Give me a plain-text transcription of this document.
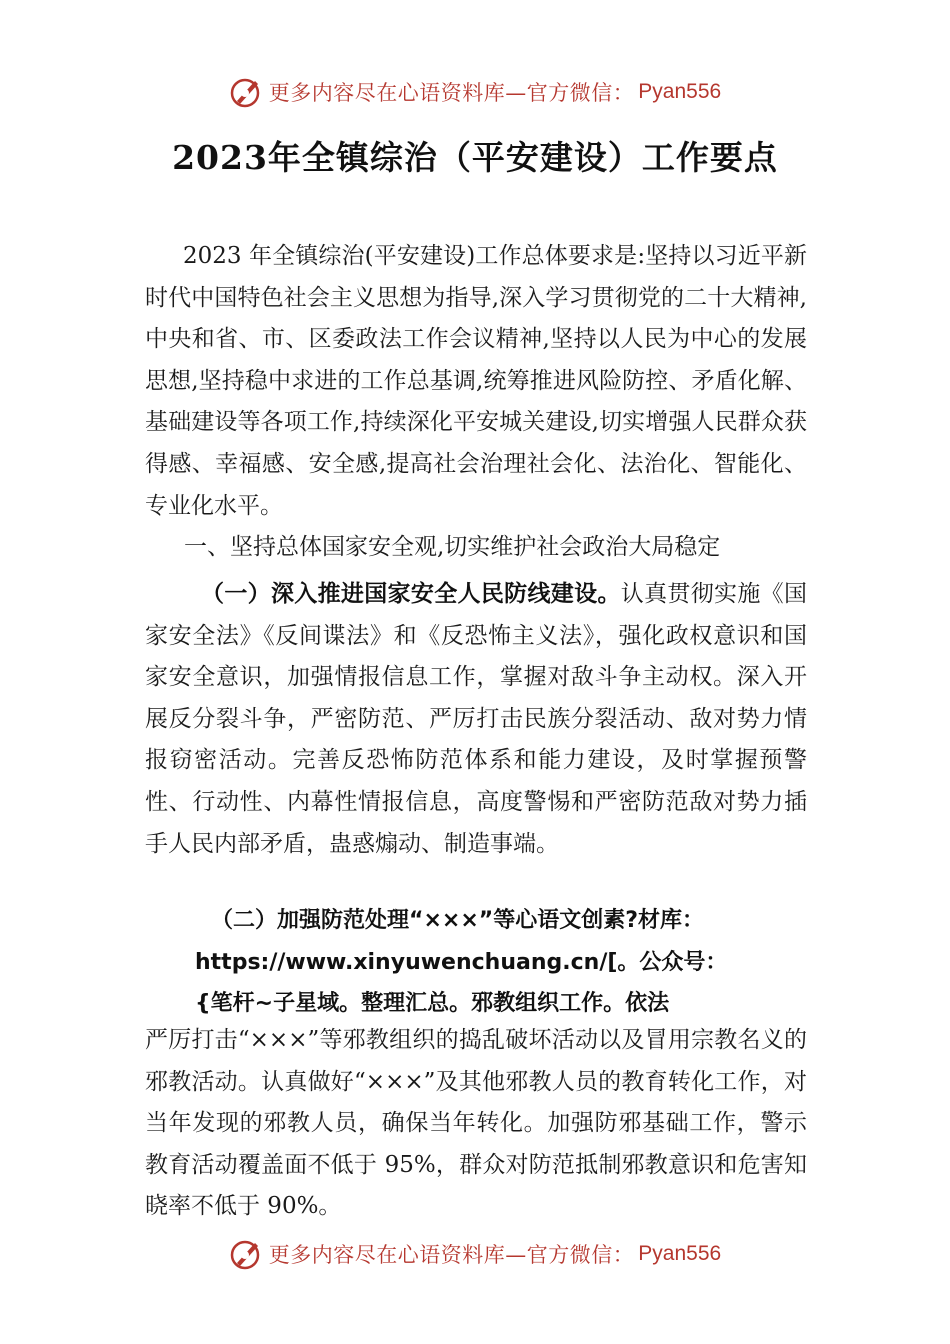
更多内容尽在心语资料库—官方微信： Pyan556
2023年全镇综治（平安建设）工作要点
2023 年全镇综治(平安建设)工作总体要求是:坚持以习近平新时代中国特色社会主义思想为指导,深入学习贯彻党的二十大精神,中央和省、市、区委政法工作会议精神,坚持以人民为中心的发展思想,坚持稳中求进的工作总基调,统筹推进风险防控、矛盾化解、基础建设等各项工作,持续深化平安城关建设,切实增强人民群众获得感、幸福感、安全感,提高社会治理社会化、法治化、智能化、专业化水平。
一、坚持总体国家安全观,切实维护社会政治大局稳定
（一）深入推进国家安全人民防线建设。认真贯彻实施《国家安全法》《反间谍法》和《反恐怖主义法》，强化政权意识和国家安全意识，加强情报信息工作，掌握对敌斗争主动权。深入开展反分裂斗争，严密防范、严厉打击民族分裂活动、敌对势力情报窃密活动。完善反恐怖防范体系和能力建设，及时掌握预警性、行动性、内幕性情报信息，高度警惕和严密防范敌对势力插手人民内部矛盾，蛊惑煽动、制造事端。
（二）加强防范处理“×××”等心语文创素?材库：
https://www.xinyuwenchuang.cn/[。公众号：
{笔杆~子星域。整理汇总。邪教组织工作。依法
严厉打击“×××”等邪教组织的捣乱破坏活动以及冒用宗教名义的邪教活动。认真做好“×××”及其他邪教人员的教育转化工作，对当年发现的邪教人员，确保当年转化。加强防邪基础工作，警示教育活动覆盖面不低于 95%，群众对防范抵制邪教意识和危害知晓率不低于 90%。
更多内容尽在心语资料库—官方微信： Pyan556
